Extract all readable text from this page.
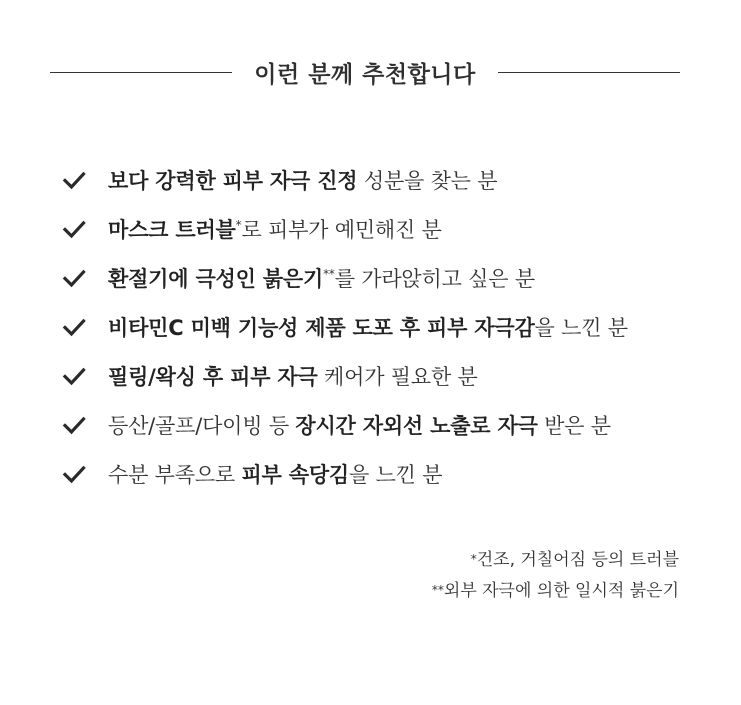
이런 분께 추천합니다
보다 강력한 피부 자극 진정 성분을 찾는 분
마스크 트러블*로 피부가 예민해진 분
환절기에 극성인 붉은기**를 가라앉히고 싶은 분
비타민C 미백 기능성 제품 도포 후 피부 자극감을 느낀 분
필링/왁싱 후 피부 자극 케어가 필요한 분
등산/골프/다이빙 등 장시간 자외선 노출로 자극 받은 분
수분 부족으로 피부 속당김을 느낀 분
*건조, 거칠어짐 등의 트러블
**외부 자극에 의한 일시적 붉은기
